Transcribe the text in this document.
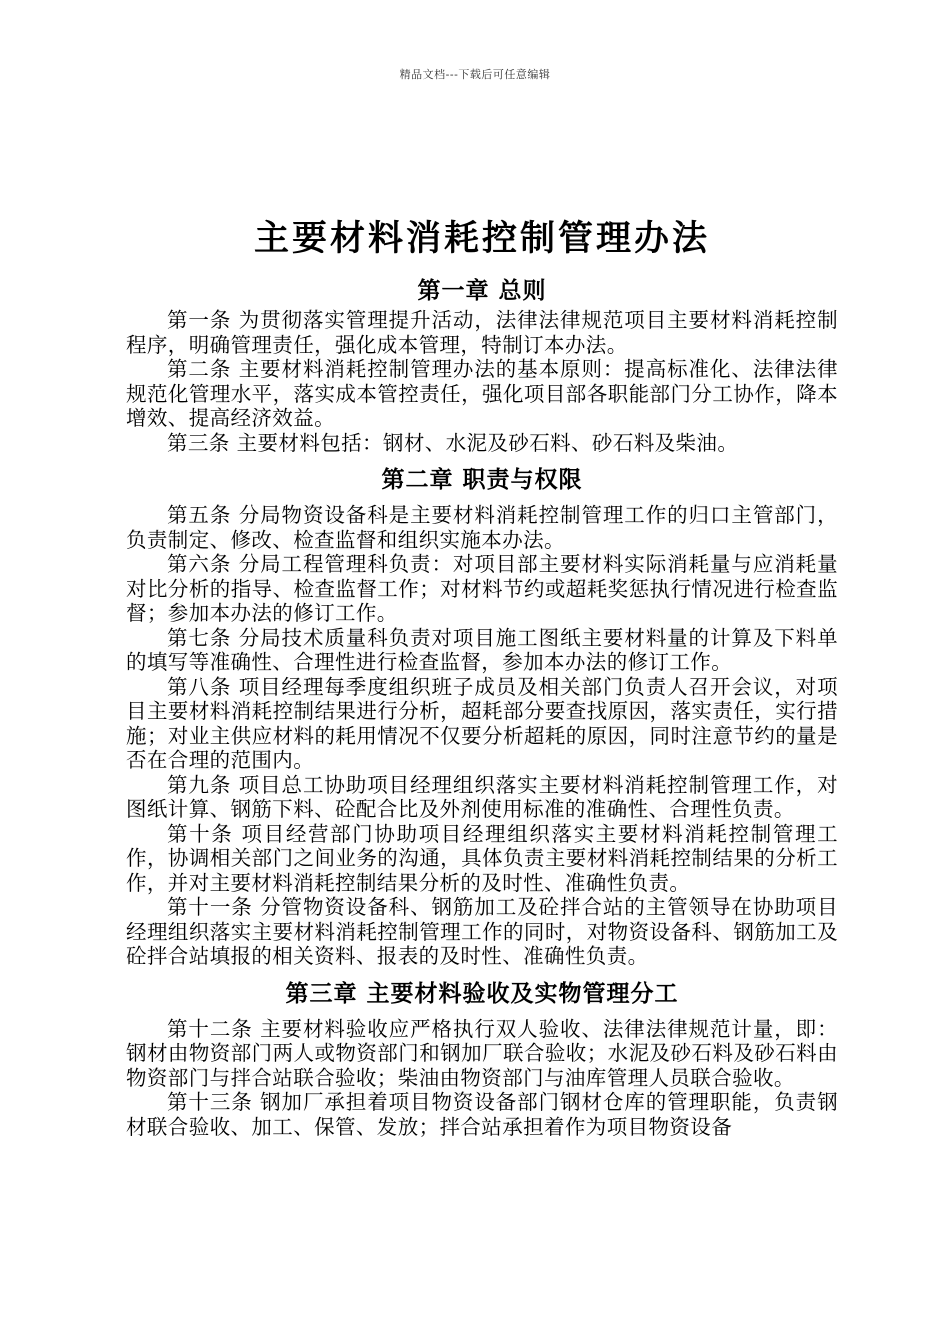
精品文档---下载后可任意编辑
主要材料消耗控制管理办法
第一章 总则

第一条 为贯彻落实管理提升活动，法律法律规范项目主要材料消耗控制程序，明确管理责任，强化成本管理，特制订本办法。

第二条 主要材料消耗控制管理办法的基本原则：提高标准化、法律法律规范化管理水平，落实成本管控责任，强化项目部各职能部门分工协作，降本增效、提高经济效益。

第三条 主要材料包括：钢材、水泥及砂石料、砂石料及柴油。

第二章 职责与权限

第五条 分局物资设备科是主要材料消耗控制管理工作的归口主管部门，负责制定、修改、检查监督和组织实施本办法。

第六条 分局工程管理科负责：对项目部主要材料实际消耗量与应消耗量对比分析的指导、检查监督工作；对材料节约或超耗奖惩执行情况进行检查监督；参加本办法的修订工作。

第七条 分局技术质量科负责对项目施工图纸主要材料量的计算及下料单的填写等准确性、合理性进行检查监督，参加本办法的修订工作。

第八条 项目经理每季度组织班子成员及相关部门负责人召开会议，对项目主要材料消耗控制结果进行分析，超耗部分要查找原因，落实责任，实行措施；对业主供应材料的耗用情况不仅要分析超耗的原因，同时注意节约的量是否在合理的范围内。

第九条 项目总工协助项目经理组织落实主要材料消耗控制管理工作，对图纸计算、钢筋下料、砼配合比及外剂使用标准的准确性、合理性负责。

第十条 项目经营部门协助项目经理组织落实主要材料消耗控制管理工作，协调相关部门之间业务的沟通，具体负责主要材料消耗控制结果的分析工作，并对主要材料消耗控制结果分析的及时性、准确性负责。

第十一条 分管物资设备科、钢筋加工及砼拌合站的主管领导在协助项目经理组织落实主要材料消耗控制管理工作的同时，对物资设备科、钢筋加工及砼拌合站填报的相关资料、报表的及时性、准确性负责。

第三章 主要材料验收及实物管理分工

第十二条 主要材料验收应严格执行双人验收、法律法律规范计量，即：钢材由物资部门两人或物资部门和钢加厂联合验收；水泥及砂石料及砂石料由物资部门与拌合站联合验收；柴油由物资部门与油库管理人员联合验收。

第十三条 钢加厂承担着项目物资设备部门钢材仓库的管理职能，负责钢材联合验收、加工、保管、发放；拌合站承担着作为项目物资设备
